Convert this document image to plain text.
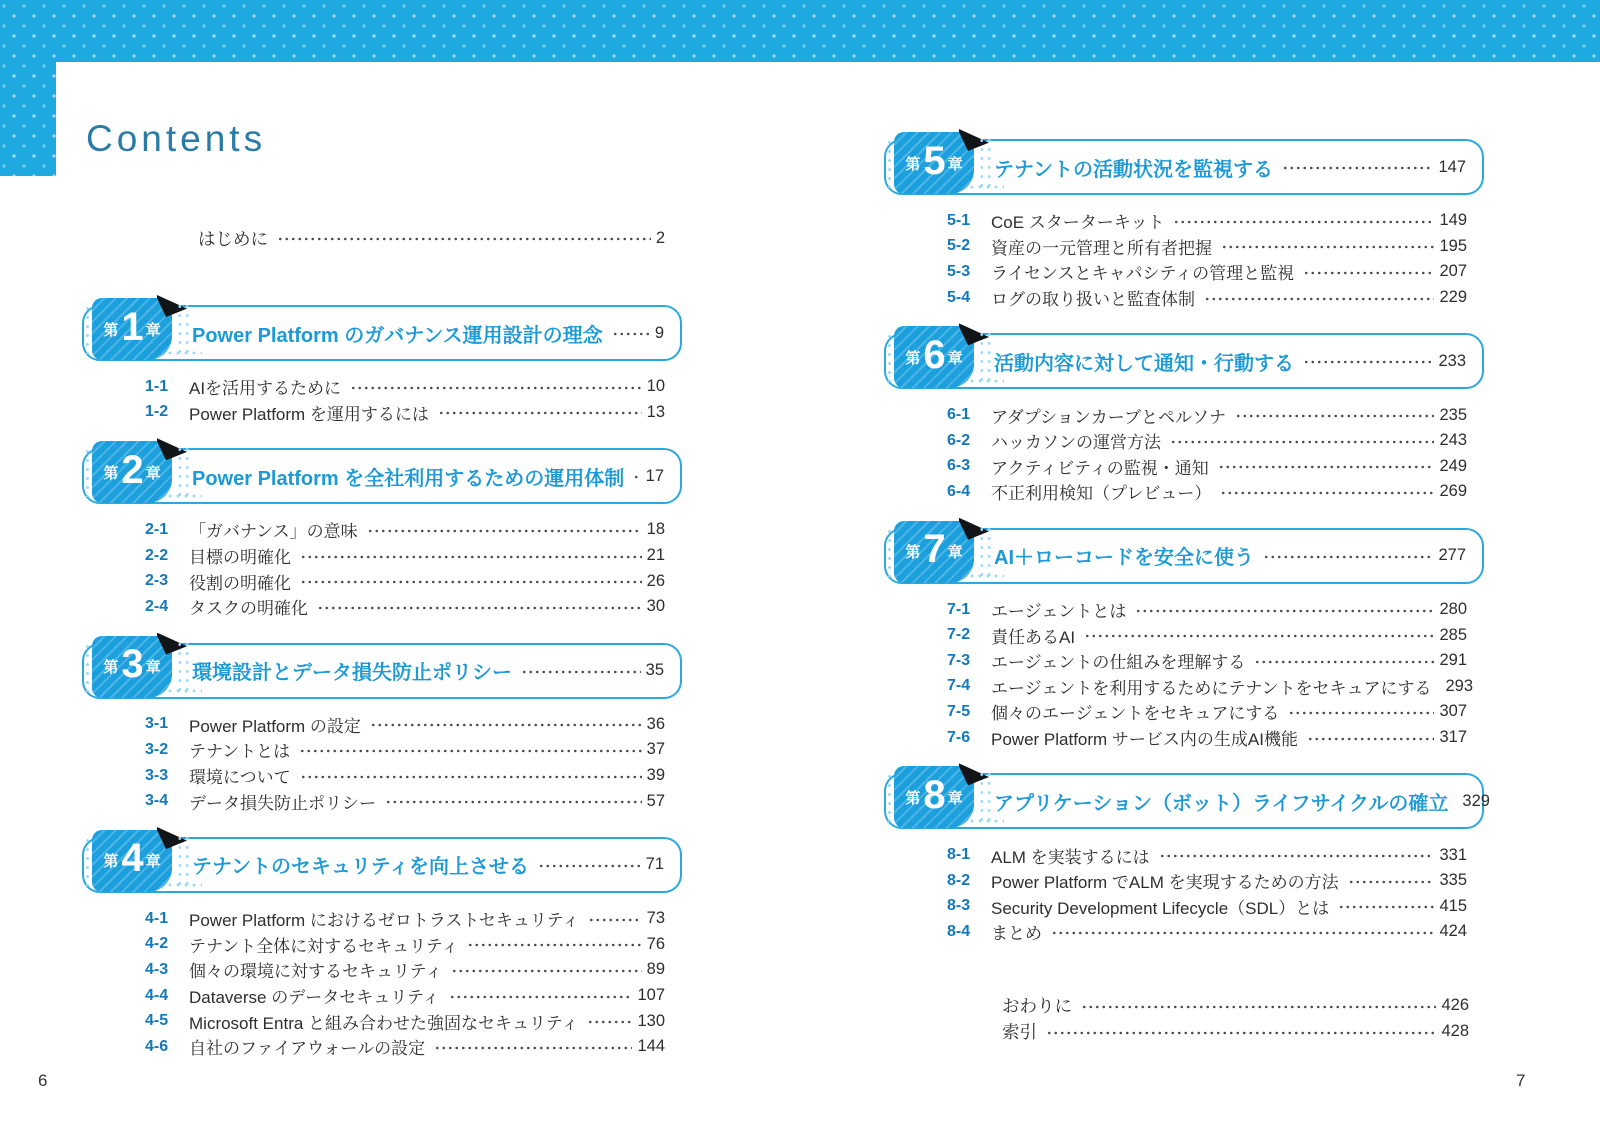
Contents
はじめに	2
第 1 章 Power Platform のガバナンス運用設計の理念	9
1-1	AIを活用するために	10
1-2	Power Platform を運用するには	13
第 2 章 Power Platform を全社利用するための運用体制 17
2-1	「ガバナンス」の意味	18
2-2	目標の明確化	21
2-3	役割の明確化	26
2-4	タスクの明確化	30
第 3 章 環境設計とデータ損失防止ポリシー	35
3-1	Power Platform の設定	36
3-2	テナントとは	37
3-3	環境について	39
3-4	データ損失防止ポリシー	57
第 4 章 テナントのセキュリティを向上させる	71
4-1	Power Platform におけるゼロトラストセキュリティ	73
4-2	テナント全体に対するセキュリティ	76
4-3	個々の環境に対するセキュリティ	89
4-4	Dataverse のデータセキュリティ	107
4-5	Microsoft Entra と組み合わせた強固なセキュリティ	130
4-6	自社のファイアウォールの設定	144
第 5 章 テナントの活動状況を監視する	147
5-1	CoE スターターキット	149
5-2	資産の一元管理と所有者把握	195
5-3	ライセンスとキャパシティの管理と監視	207
5-4	ログの取り扱いと監査体制	229
第 6 章 活動内容に対して通知・行動する	233
6-1	アダプションカーブとペルソナ	235
6-2	ハッカソンの運営方法	243
6-3	アクティビティの監視・通知	249
6-4	不正利用検知（プレビュー）	269
第 7 章 AI＋ローコードを安全に使う	277
7-1	エージェントとは	280
7-2	責任あるAI	285
7-3	エージェントの仕組みを理解する	291
7-4	エージェントを利用するためにテナントをセキュアにする 293
7-5	個々のエージェントをセキュアにする	307
7-6	Power Platform サービス内の生成AI機能	317
第 8 章 アプリケーション（ボット）ライフサイクルの確立 329
8-1	ALM を実装するには	331
8-2	Power Platform でALM を実現するための方法	335
8-3	Security Development Lifecycle（SDL）とは	415
8-4	まとめ	424
おわりに	426
索引	428
6	7
